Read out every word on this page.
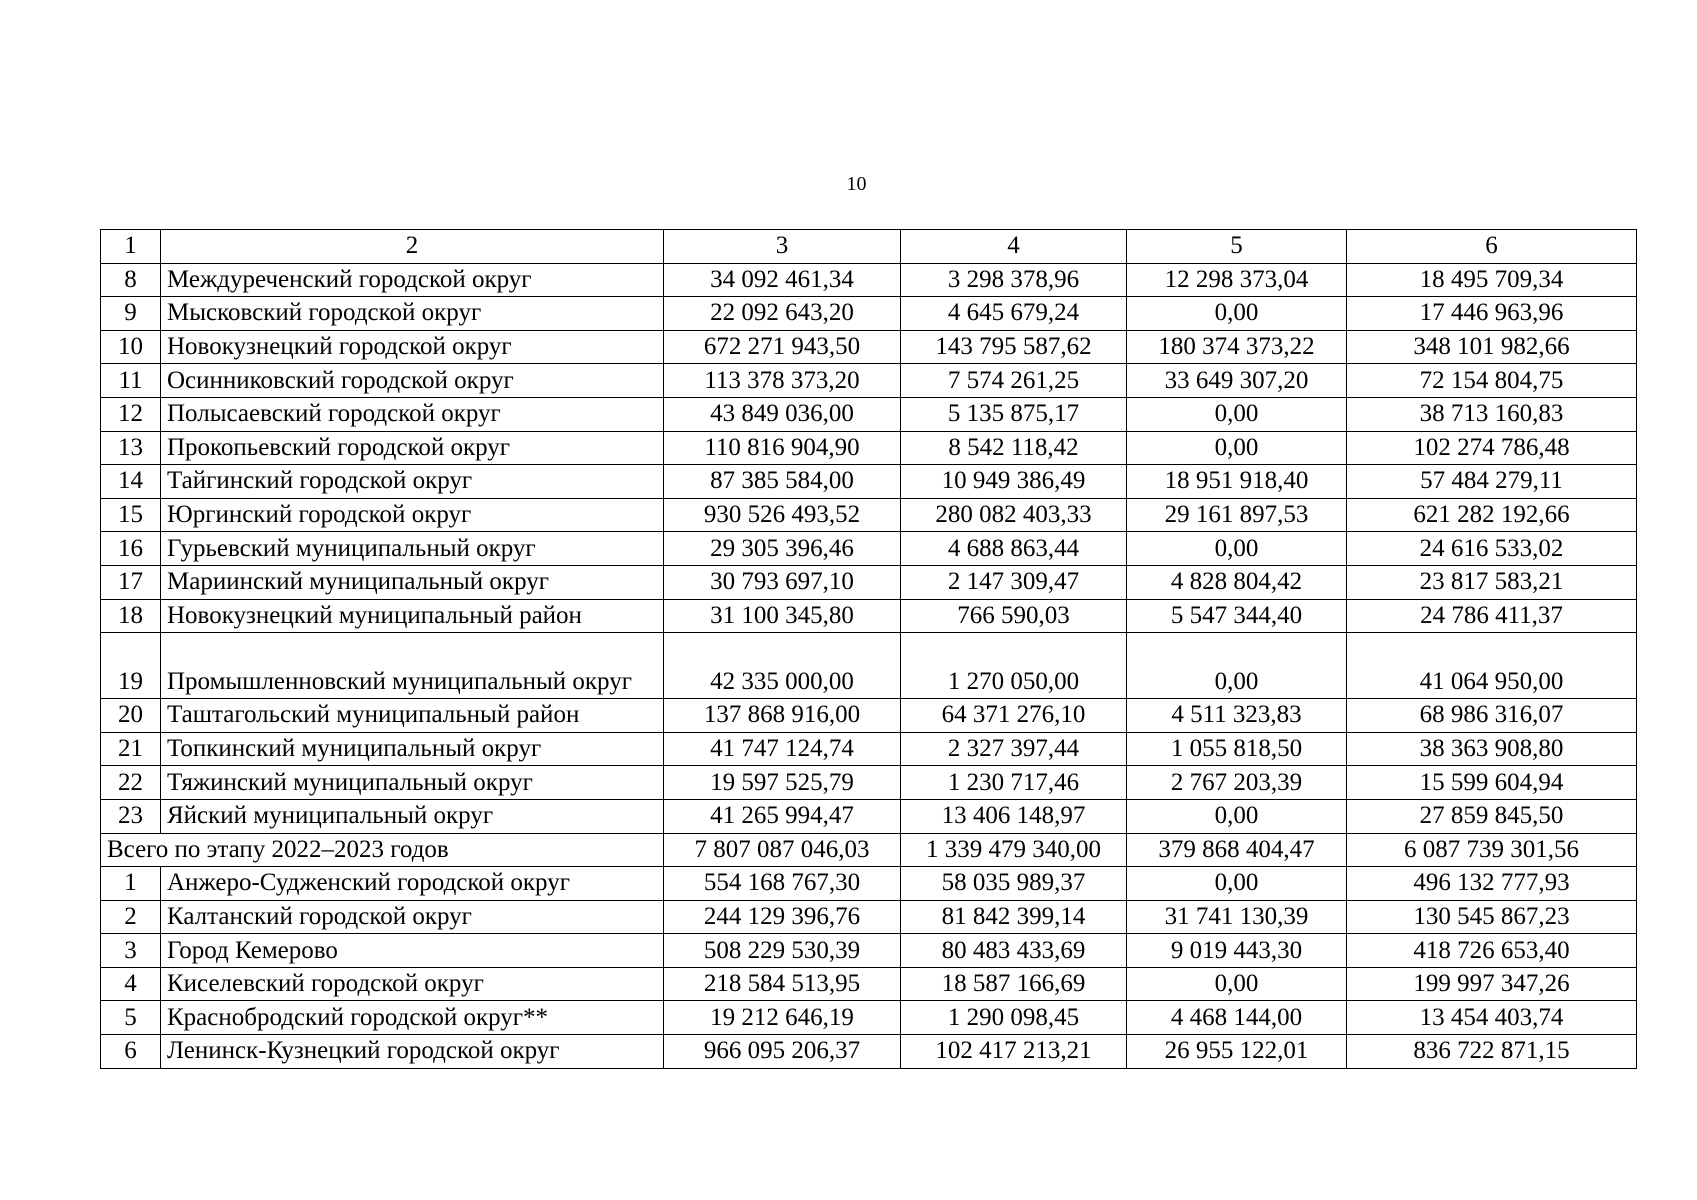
10
1	2	3	4	5	6
8	Междуреченский городской округ	34 092 461,34	3 298 378,96	12 298 373,04	18 495 709,34
9	Мысковский городской округ	22 092 643,20	4 645 679,24	0,00	17 446 963,96
10	Новокузнецкий городской округ	672 271 943,50	143 795 587,62	180 374 373,22	348 101 982,66
11	Осинниковский городской округ	113 378 373,20	7 574 261,25	33 649 307,20	72 154 804,75
12	Полысаевский городской округ	43 849 036,00	5 135 875,17	0,00	38 713 160,83
13	Прокопьевский городской округ	110 816 904,90	8 542 118,42	0,00	102 274 786,48
14	Тайгинский городской округ	87 385 584,00	10 949 386,49	18 951 918,40	57 484 279,11
15	Юргинский городской округ	930 526 493,52	280 082 403,33	29 161 897,53	621 282 192,66
16	Гурьевский муниципальный округ	29 305 396,46	4 688 863,44	0,00	24 616 533,02
17	Мариинский муниципальный округ	30 793 697,10	2 147 309,47	4 828 804,42	23 817 583,21
18	Новокузнецкий муниципальный район	31 100 345,80	766 590,03	5 547 344,40	24 786 411,37
19	Промышленновский муниципальный округ	42 335 000,00	1 270 050,00	0,00	41 064 950,00
20	Таштагольский муниципальный район	137 868 916,00	64 371 276,10	4 511 323,83	68 986 316,07
21	Топкинский муниципальный округ	41 747 124,74	2 327 397,44	1 055 818,50	38 363 908,80
22	Тяжинский муниципальный округ	19 597 525,79	1 230 717,46	2 767 203,39	15 599 604,94
23	Яйский муниципальный округ	41 265 994,47	13 406 148,97	0,00	27 859 845,50
Всего по этапу 2022–2023 годов		7 807 087 046,03	1 339 479 340,00	379 868 404,47	6 087 739 301,56
1	Анжеро-Судженский городской округ	554 168 767,30	58 035 989,37	0,00	496 132 777,93
2	Калтанский городской округ	244 129 396,76	81 842 399,14	31 741 130,39	130 545 867,23
3	Город Кемерово	508 229 530,39	80 483 433,69	9 019 443,30	418 726 653,40
4	Киселевский городской округ	218 584 513,95	18 587 166,69	0,00	199 997 347,26
5	Краснобродский городской округ**	19 212 646,19	1 290 098,45	4 468 144,00	13 454 403,74
6	Ленинск-Кузнецкий городской округ	966 095 206,37	102 417 213,21	26 955 122,01	836 722 871,15
